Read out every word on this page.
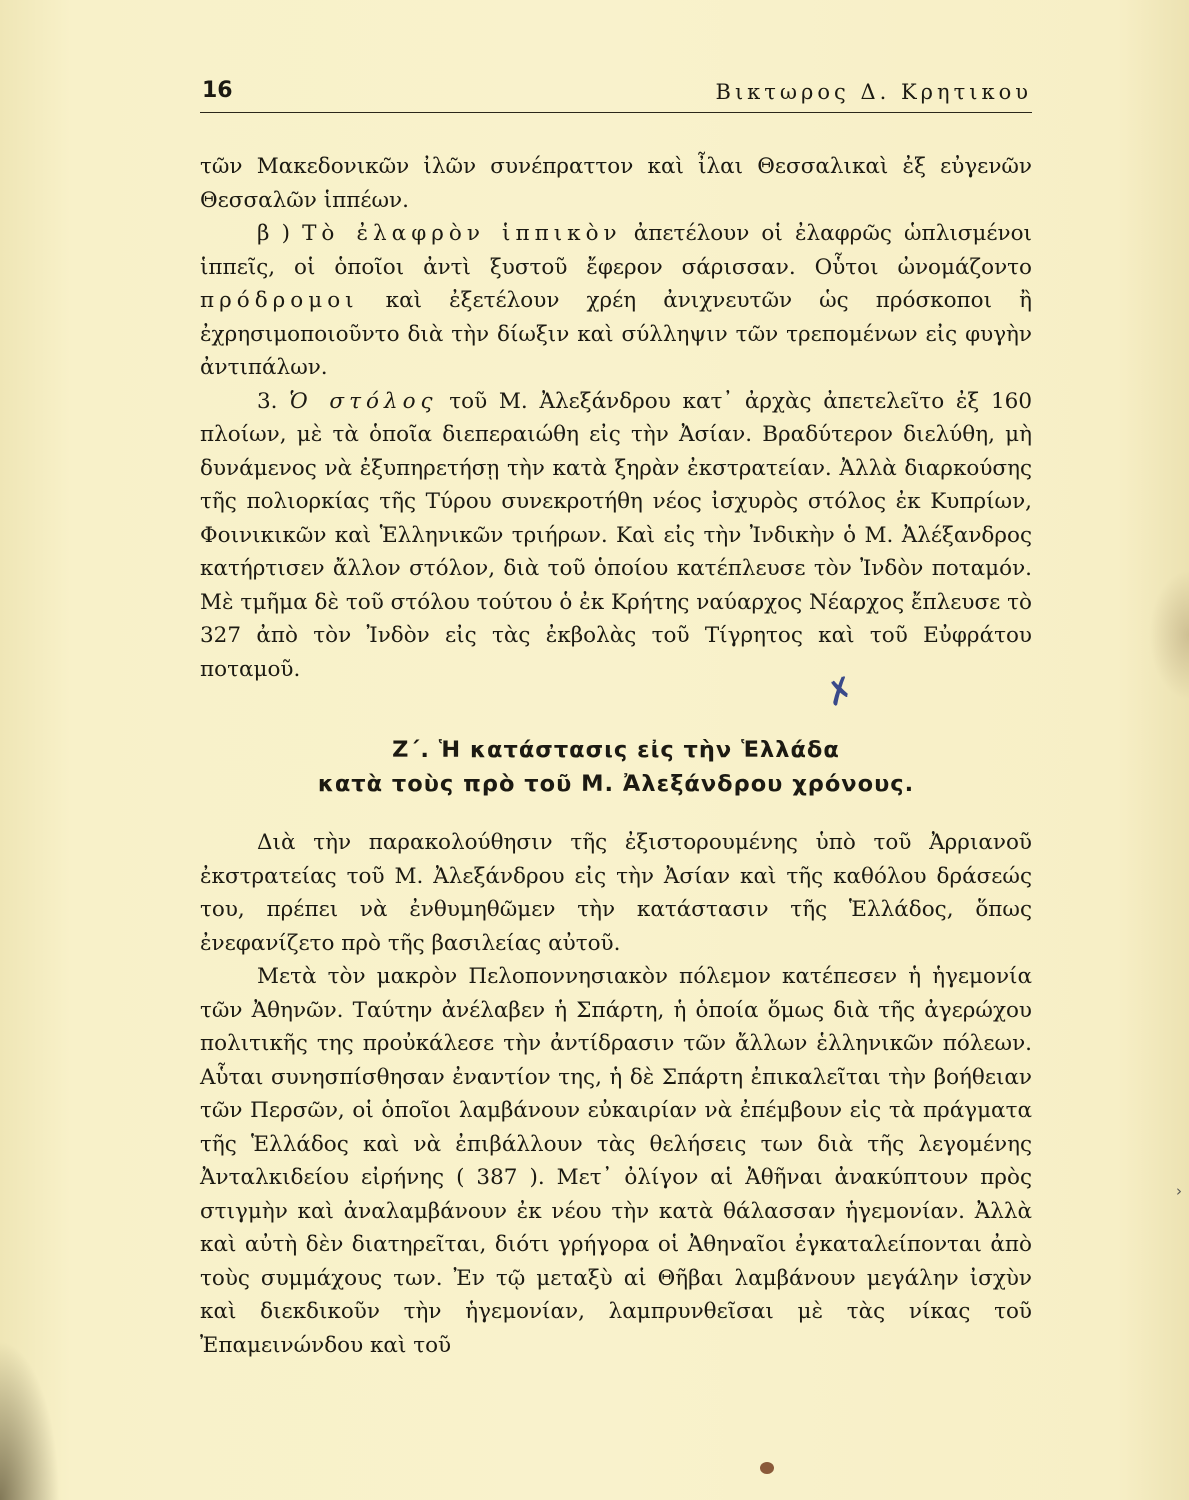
16	Βικτωρος Δ. Κρητικου

τῶν Μακεδονικῶν ἰλῶν συνέπραττον καὶ ἶλαι Θεσσαλικαὶ ἐξ εὐγενῶν Θεσσαλῶν ἱππέων.

β ) Τὸ ἐλαφρὸν ἱππικὸν ἀπετέλουν οἱ ἐλαφρῶς ὡπλισμένοι ἱππεῖς, οἱ ὁποῖοι ἀντὶ ξυστοῦ ἔφερον σάρισσαν. Οὗτοι ὠνομάζοντο πρόδρομοι καὶ ἐξετέλουν χρέη ἀνιχνευτῶν ὡς πρόσκοποι ἢ ἐχρησιμοποιοῦντο διὰ τὴν δίωξιν καὶ σύλληψιν τῶν τρεπομένων εἰς φυγὴν ἀντιπάλων.

3. Ὁ στόλος τοῦ Μ. Ἀλεξάνδρου κατ᾽ ἀρχὰς ἀπετελεῖτο ἐξ 160 πλοίων, μὲ τὰ ὁποῖα διεπεραιώθη εἰς τὴν Ἀσίαν. Βραδύτερον διελύθη, μὴ δυνάμενος νὰ ἐξυπηρετήσῃ τὴν κατὰ ξηρὰν ἐκστρατείαν. Ἀλλὰ διαρκούσης τῆς πολιορκίας τῆς Τύρου συνεκροτήθη νέος ἰσχυρὸς στόλος ἐκ Κυπρίων, Φοινικικῶν καὶ Ἑλληνικῶν τριήρων. Καὶ εἰς τὴν Ἰνδικὴν ὁ Μ. Ἀλέξανδρος κατήρτισεν ἄλλον στόλον, διὰ τοῦ ὁποίου κατέπλευσε τὸν Ἰνδὸν ποταμόν. Μὲ τμῆμα δὲ τοῦ στόλου τούτου ὁ ἐκ Κρήτης ναύαρχος Νέαρχος ἔπλευσε τὸ 327 ἀπὸ τὸν Ἰνδὸν εἰς τὰς ἐκβολὰς τοῦ Τίγρητος καὶ τοῦ Εὐφράτου ποταμοῦ.	✗
Ζ΄. Ἡ κατάστασις εἰς τὴν Ἑλλάδα
κατὰ τοὺς πρὸ τοῦ Μ. Ἀλεξάνδρου χρόνους.

Διὰ τὴν παρακολούθησιν τῆς ἐξιστορουμένης ὑπὸ τοῦ Ἀρριανοῦ ἐκστρατείας τοῦ Μ. Ἀλεξάνδρου εἰς τὴν Ἀσίαν καὶ τῆς καθόλου δράσεώς του, πρέπει νὰ ἐνθυμηθῶμεν τὴν κατάστασιν τῆς Ἑλλάδος, ὅπως ἐνεφανίζετο πρὸ τῆς βασιλείας αὐτοῦ.

Μετὰ τὸν μακρὸν Πελοποννησιακὸν πόλεμον κατέπεσεν ἡ ἡγεμονία τῶν Ἀθηνῶν. Ταύτην ἀνέλαβεν ἡ Σπάρτη, ἡ ὁποία ὅμως διὰ τῆς ἀγερώχου πολιτικῆς της προὐκάλεσε τὴν ἀντίδρασιν τῶν ἄλλων ἑλληνικῶν πόλεων. Αὗται συνησπίσθησαν ἐναντίον της, ἡ δὲ Σπάρτη ἐπικαλεῖται τὴν βοήθειαν τῶν Περσῶν, οἱ ὁποῖοι λαμβάνουν εὐκαιρίαν νὰ ἐπέμβουν εἰς τὰ πράγματα τῆς Ἑλλάδος καὶ νὰ ἐπιβάλλουν τὰς θελήσεις των διὰ τῆς λεγομένης Ἀνταλκιδείου εἰρήνης ( 387 ). Μετ᾽ ὀλίγον αἱ Ἀθῆναι ἀνακύπτουν πρὸς στιγμὴν καὶ ἀναλαμβάνουν ἐκ νέου τὴν κατὰ θάλασσαν ἡγεμονίαν. Ἀλλὰ καὶ αὐτὴ δὲν διατηρεῖται, διότι γρήγορα οἱ Ἀθηναῖοι ἐγκαταλείπονται ἀπὸ τοὺς συμμάχους των. Ἐν τῷ μεταξὺ αἱ Θῆβαι λαμβάνουν μεγάλην ἰσχὺν καὶ διεκδικοῦν τὴν ἡγεμονίαν, λαμπρυνθεῖσαι μὲ τὰς νίκας τοῦ Ἐπαμεινώνδου καὶ τοῦ

›
